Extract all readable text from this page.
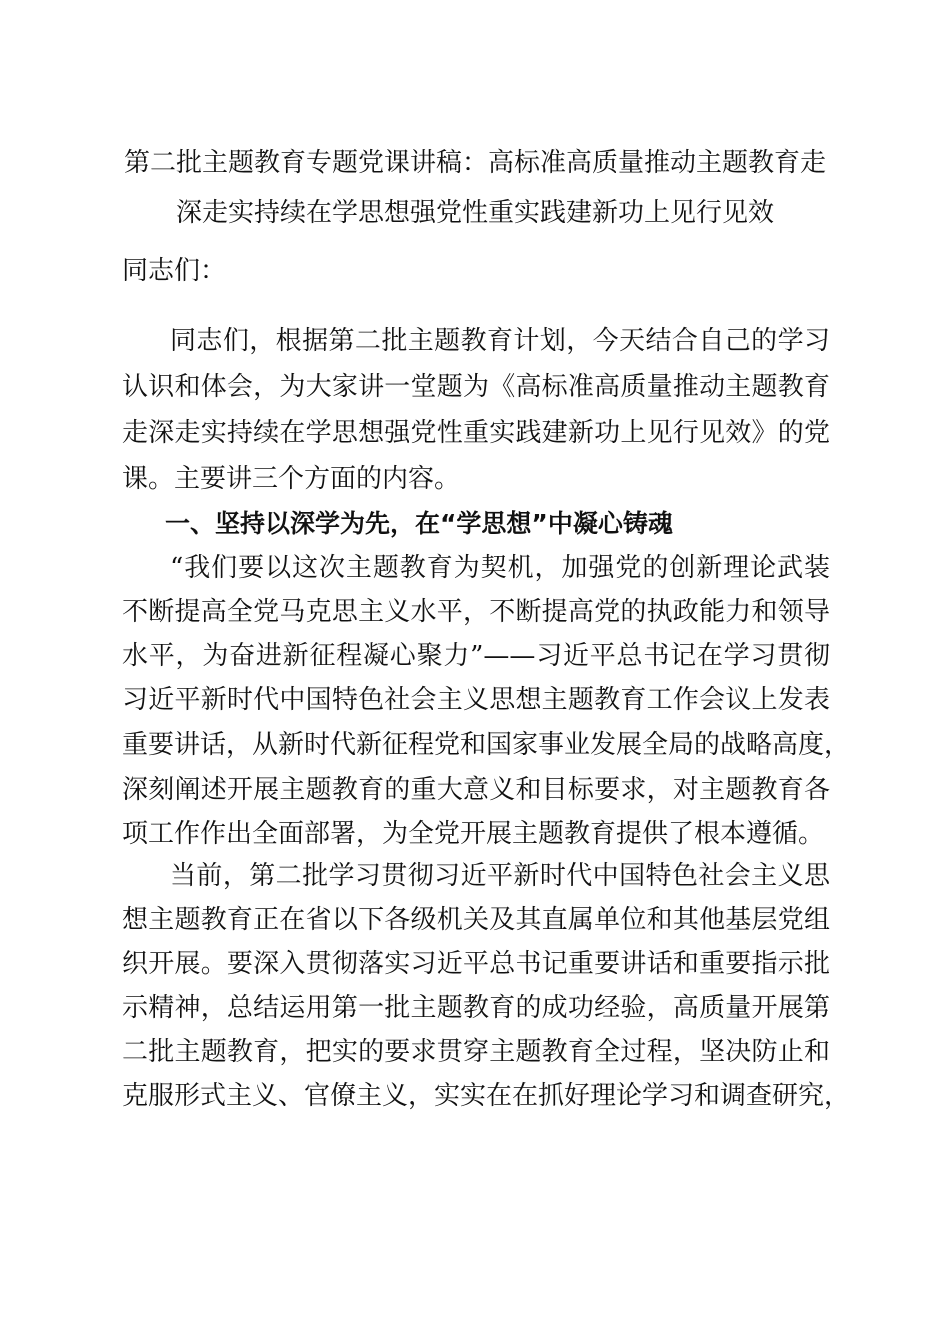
第二批主题教育专题党课讲稿：高标准高质量推动主题教育走
深走实持续在学思想强党性重实践建新功上见行见效
同志们：
同志们，根据第二批主题教育计划，今天结合自己的学习
认识和体会，为大家讲一堂题为《高标准高质量推动主题教育
走深走实持续在学思想强党性重实践建新功上见行见效》的党
课。主要讲三个方面的内容。
一、坚持以深学为先，在“学思想”中凝心铸魂
“我们要以这次主题教育为契机，加强党的创新理论武装
不断提高全党马克思主义水平，不断提高党的执政能力和领导
水平，为奋进新征程凝心聚力”——习近平总书记在学习贯彻
习近平新时代中国特色社会主义思想主题教育工作会议上发表
重要讲话，从新时代新征程党和国家事业发展全局的战略高度，
深刻阐述开展主题教育的重大意义和目标要求，对主题教育各
项工作作出全面部署，为全党开展主题教育提供了根本遵循。
当前，第二批学习贯彻习近平新时代中国特色社会主义思
想主题教育正在省以下各级机关及其直属单位和其他基层党组
织开展。要深入贯彻落实习近平总书记重要讲话和重要指示批
示精神，总结运用第一批主题教育的成功经验，高质量开展第
二批主题教育，把实的要求贯穿主题教育全过程，坚决防止和
克服形式主义、官僚主义，实实在在抓好理论学习和调查研究，
